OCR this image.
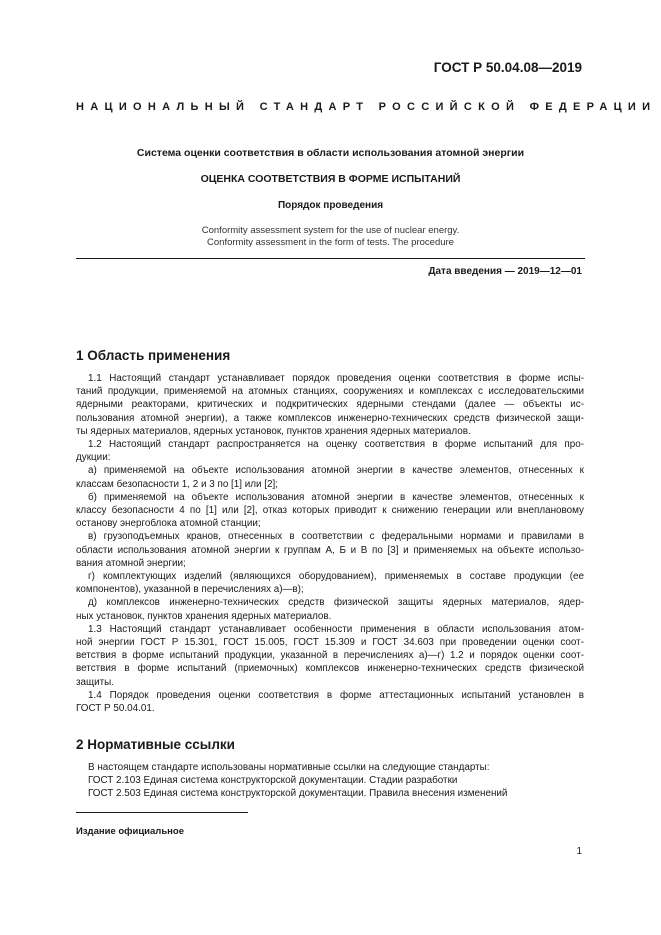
ГОСТ Р 50.04.08—2019
НАЦИОНАЛЬНЫЙ СТАНДАРТ РОССИЙСКОЙ ФЕДЕРАЦИИ
Система оценки соответствия в области использования атомной энергии
ОЦЕНКА СООТВЕТСТВИЯ В ФОРМЕ ИСПЫТАНИЙ
Порядок проведения
Conformity assessment system for the use of nuclear energy.
Conformity assessment in the form of tests. The procedure
Дата введения — 2019—12—01
1 Область применения
1.1 Настоящий стандарт устанавливает порядок проведения оценки соответствия в форме испы-
таний продукции, применяемой на атомных станциях, сооружениях и комплексах с исследовательскими
ядерными реакторами, критических и подкритических ядерными стендами (далее — объекты ис-
пользования атомной энергии), а также комплексов инженерно-технических средств физической защи-
ты ядерных материалов, ядерных установок, пунктов хранения ядерных материалов.
1.2 Настоящий стандарт распространяется на оценку соответствия в форме испытаний для про-
дукции:
а) применяемой на объекте использования атомной энергии в качестве элементов, отнесенных к
классам безопасности 1, 2 и 3 по [1] или [2];
б) применяемой на объекте использования атомной энергии в качестве элементов, отнесенных к
классу безопасности 4 по [1] или [2], отказ которых приводит к снижению генерации или внеплановому
останову энергоблока атомной станции;
в) грузоподъемных кранов, отнесенных в соответствии с федеральными нормами и правилами в
области использования атомной энергии к группам А, Б и В по [3] и применяемых на объекте использо-
вания атомной энергии;
г) комплектующих изделий (являющихся оборудованием), применяемых в составе продукции (ее
компонентов), указанной в перечислениях а)—в);
д) комплексов инженерно-технических средств физической защиты ядерных материалов, ядер-
ных установок, пунктов хранения ядерных материалов.
1.3 Настоящий стандарт устанавливает особенности применения в области использования атом-
ной энергии ГОСТ Р 15.301, ГОСТ 15.005, ГОСТ 15.309 и ГОСТ 34.603 при проведении оценки соот-
ветствия в форме испытаний продукции, указанной в перечислениях а)—г) 1.2 и порядок оценки соот-
ветствия в форме испытаний (приемочных) комплексов инженерно-технических средств физической
защиты.
1.4 Порядок проведения оценки соответствия в форме аттестационных испытаний установлен в
ГОСТ Р 50.04.01.
2 Нормативные ссылки
В настоящем стандарте использованы нормативные ссылки на следующие стандарты:
ГОСТ 2.103 Единая система конструкторской документации. Стадии разработки
ГОСТ 2.503 Единая система конструкторской документации. Правила внесения изменений
Издание официальное
1
